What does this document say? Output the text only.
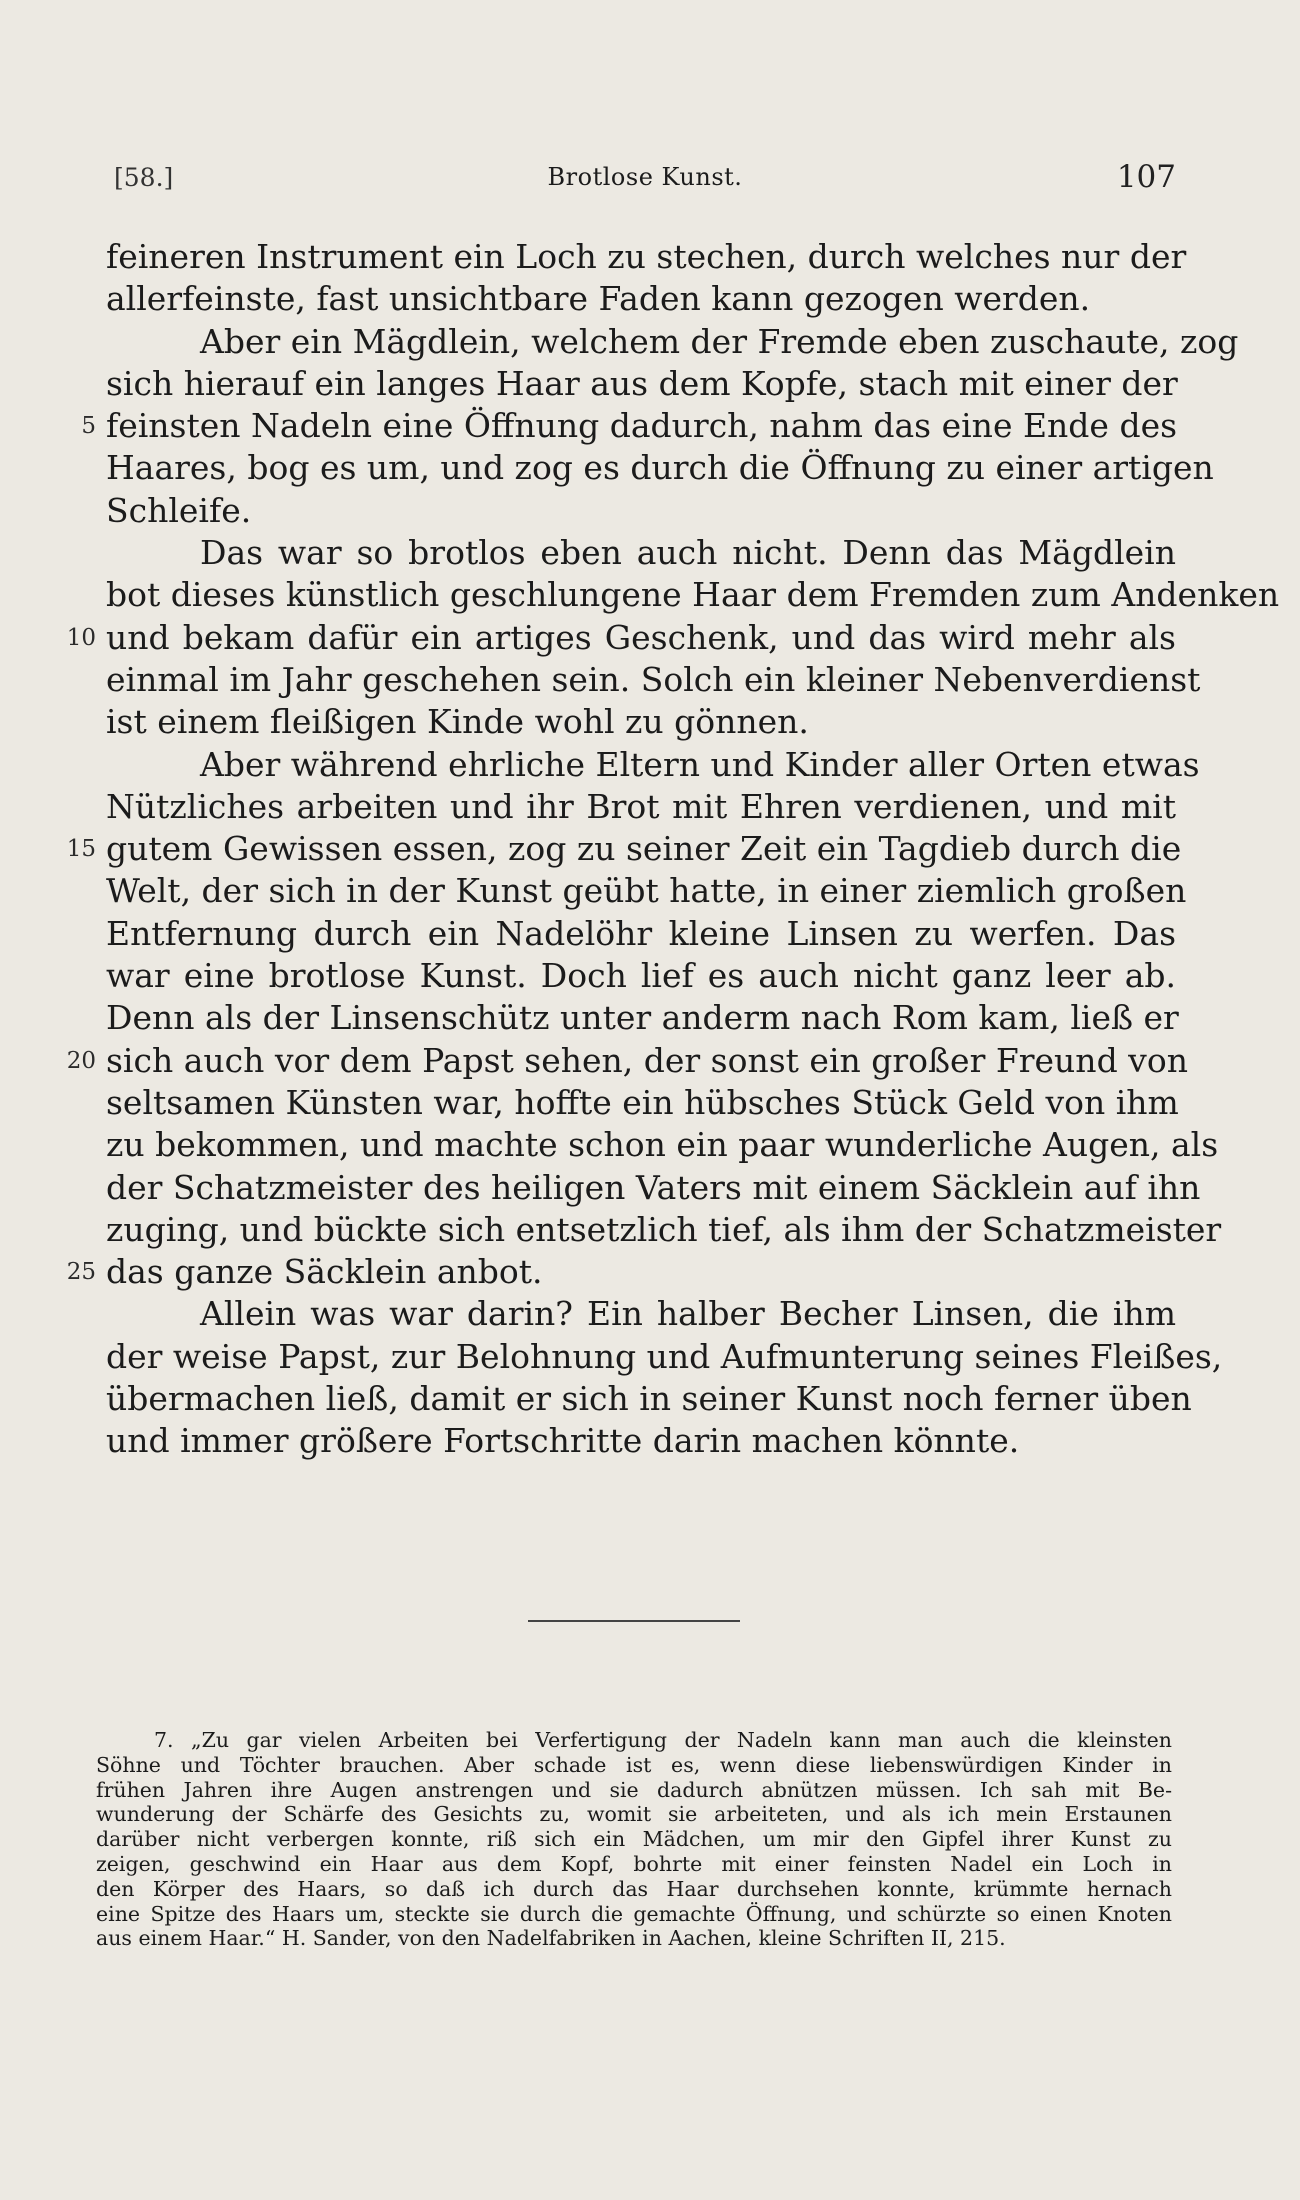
[58.]	Brotlose Kunst.	107
feineren Instrument ein Loch zu stechen, durch welches nur der
allerfeinste, fast unsichtbare Faden kann gezogen werden.
Aber ein Mägdlein, welchem der Fremde eben zuschaute, zog
sich hierauf ein langes Haar aus dem Kopfe, stach mit einer der
5 feinsten Nadeln eine Öffnung dadurch, nahm das eine Ende des
Haares, bog es um, und zog es durch die Öffnung zu einer artigen
Schleife.
Das war so brotlos eben auch nicht. Denn das Mägdlein
bot dieses künstlich geschlungene Haar dem Fremden zum Andenken
10 und bekam dafür ein artiges Geschenk, und das wird mehr als
einmal im Jahr geschehen sein. Solch ein kleiner Nebenverdienst
ist einem fleißigen Kinde wohl zu gönnen.
Aber während ehrliche Eltern und Kinder aller Orten etwas
Nützliches arbeiten und ihr Brot mit Ehren verdienen, und mit
15 gutem Gewissen essen, zog zu seiner Zeit ein Tagdieb durch die
Welt, der sich in der Kunst geübt hatte, in einer ziemlich großen
Entfernung durch ein Nadelöhr kleine Linsen zu werfen. Das
war eine brotlose Kunst. Doch lief es auch nicht ganz leer ab.
Denn als der Linsenschütz unter anderm nach Rom kam, ließ er
20 sich auch vor dem Papst sehen, der sonst ein großer Freund von
seltsamen Künsten war, hoffte ein hübsches Stück Geld von ihm
zu bekommen, und machte schon ein paar wunderliche Augen, als
der Schatzmeister des heiligen Vaters mit einem Säcklein auf ihn
zuging, und bückte sich entsetzlich tief, als ihm der Schatzmeister
25 das ganze Säcklein anbot.
Allein was war darin? Ein halber Becher Linsen, die ihm
der weise Papst, zur Belohnung und Aufmunterung seines Fleißes,
übermachen ließ, damit er sich in seiner Kunst noch ferner üben
und immer größere Fortschritte darin machen könnte.
7. „Zu gar vielen Arbeiten bei Verfertigung der Nadeln kann man auch die kleinsten
Söhne und Töchter brauchen. Aber schade ist es, wenn diese liebenswürdigen Kinder in
frühen Jahren ihre Augen anstrengen und sie dadurch abnützen müssen. Ich sah mit Be-
wunderung der Schärfe des Gesichts zu, womit sie arbeiteten, und als ich mein Erstaunen
darüber nicht verbergen konnte, riß sich ein Mädchen, um mir den Gipfel ihrer Kunst zu
zeigen, geschwind ein Haar aus dem Kopf, bohrte mit einer feinsten Nadel ein Loch in
den Körper des Haars, so daß ich durch das Haar durchsehen konnte, krümmte hernach
eine Spitze des Haars um, steckte sie durch die gemachte Öffnung, und schürzte so einen Knoten
aus einem Haar.“ H. Sander, von den Nadelfabriken in Aachen, kleine Schriften II, 215.
